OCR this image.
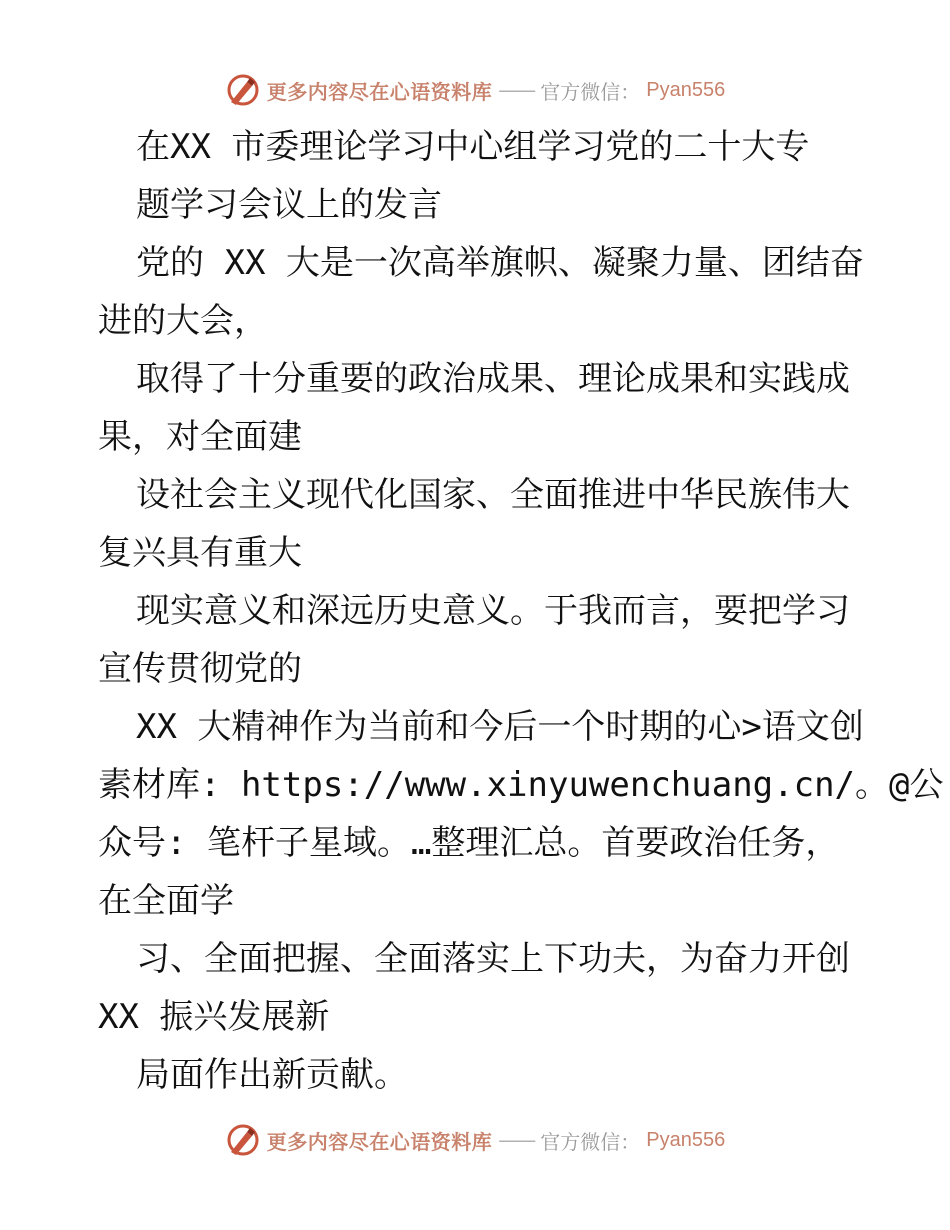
更多内容尽在心语资料库 —— 官方微信： Pyan556
在XX 市委理论学习中心组学习党的二十大专
题学习会议上的发言
党的 XX 大是一次高举旗帜、凝聚力量、团结奋
进的大会，
取得了十分重要的政治成果、理论成果和实践成
果，对全面建
设社会主义现代化国家、全面推进中华民族伟大
复兴具有重大
现实意义和深远历史意义。于我而言，要把学习
宣传贯彻党的
XX 大精神作为当前和今后一个时期的心>语文创
素材库: https://www.xinyuwenchuang.cn/。@公
众号: 笔杆子星域。…整理汇总。首要政治任务，
在全面学
习、全面把握、全面落实上下功夫，为奋力开创
XX 振兴发展新
局面作出新贡献。
更多内容尽在心语资料库 —— 官方微信： Pyan556
